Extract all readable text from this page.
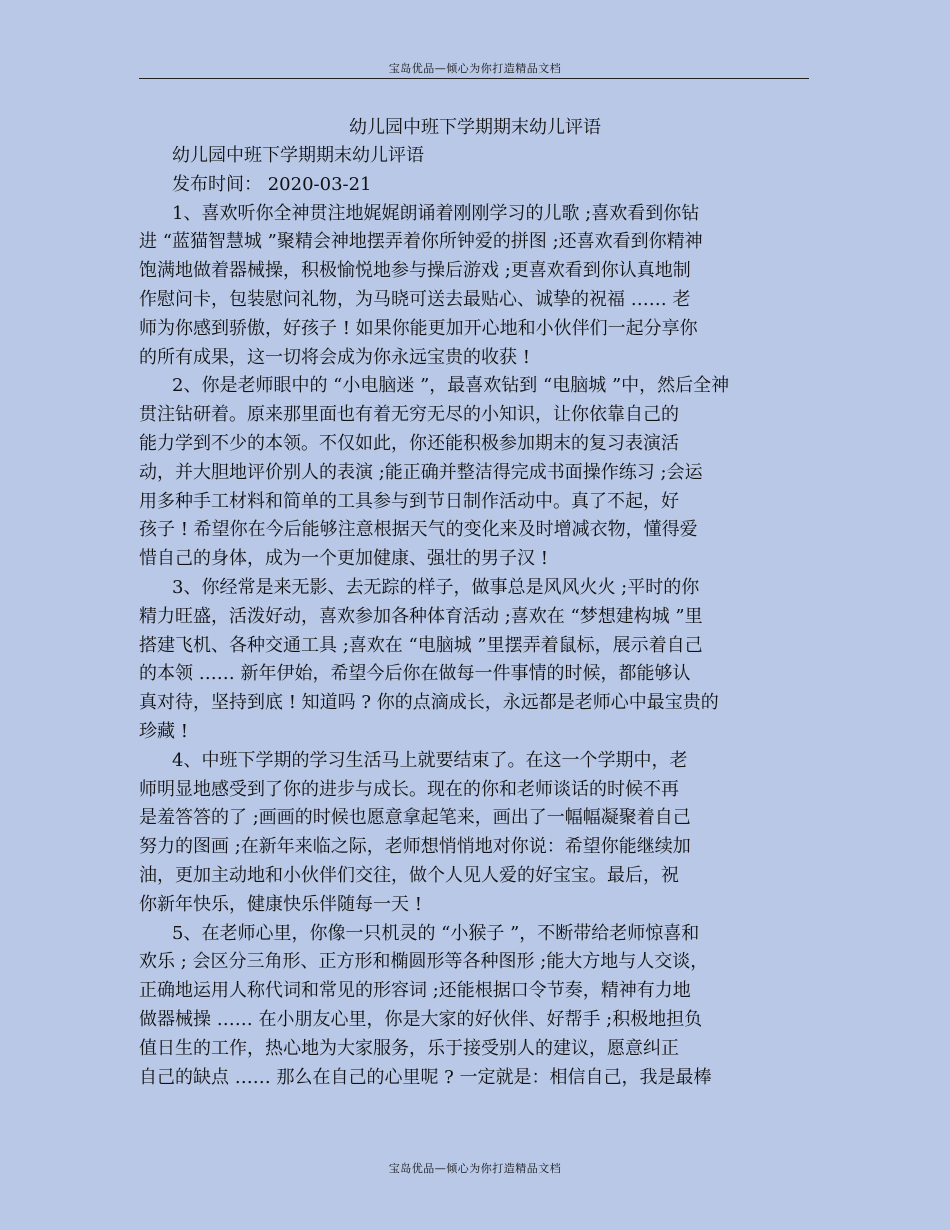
宝岛优品—倾心为你打造精品文档
幼儿园中班下学期期末幼儿评语

幼儿园中班下学期期末幼儿评语

发布时间： 2020-03-21

1、喜欢听你全神贯注地娓娓朗诵着刚刚学习的儿歌 ;喜欢看到你钻

进 “蓝猫智慧城 ”聚精会神地摆弄着你所钟爱的拼图 ;还喜欢看到你精神

饱满地做着器械操，积极愉悦地参与操后游戏 ;更喜欢看到你认真地制

作慰问卡，包装慰问礼物，为马晓可送去最贴心、诚挚的祝福 …… 老

师为你感到骄傲，好孩子 ! 如果你能更加开心地和小伙伴们一起分享你

的所有成果，这一切将会成为你永远宝贵的收获 !

2、你是老师眼中的 “小电脑迷 ”，最喜欢钻到 “电脑城 ”中，然后全神

贯注钻研着。原来那里面也有着无穷无尽的小知识，让你依靠自己的

能力学到不少的本领。不仅如此，你还能积极参加期末的复习表演活

动，并大胆地评价别人的表演 ;能正确并整洁得完成书面操作练习 ;会运

用多种手工材料和简单的工具参与到节日制作活动中。真了不起，好

孩子 ! 希望你在今后能够注意根据天气的变化来及时增减衣物，懂得爱

惜自己的身体，成为一个更加健康、强壮的男子汉 !

3、你经常是来无影、去无踪的样子，做事总是风风火火 ;平时的你

精力旺盛，活泼好动，喜欢参加各种体育活动 ;喜欢在 “梦想建构城 ”里

搭建飞机、各种交通工具 ;喜欢在 “电脑城 ”里摆弄着鼠标，展示着自己

的本领 …… 新年伊始，希望今后你在做每一件事情的时候，都能够认

真对待，坚持到底 ! 知道吗 ? 你的点滴成长，永远都是老师心中最宝贵的

珍藏 !

4、中班下学期的学习生活马上就要结束了。在这一个学期中，老

师明显地感受到了你的进步与成长。现在的你和老师谈话的时候不再

是羞答答的了 ;画画的时候也愿意拿起笔来，画出了一幅幅凝聚着自己

努力的图画 ;在新年来临之际，老师想悄悄地对你说：希望你能继续加

油，更加主动地和小伙伴们交往，做个人见人爱的好宝宝。最后，祝

你新年快乐，健康快乐伴随每一天 !

5、在老师心里，你像一只机灵的 “小猴子 ”，不断带给老师惊喜和

欢乐 ; 会区分三角形、正方形和椭圆形等各种图形 ;能大方地与人交谈，

正确地运用人称代词和常见的形容词 ;还能根据口令节奏，精神有力地

做器械操 …… 在小朋友心里，你是大家的好伙伴、好帮手 ;积极地担负

值日生的工作，热心地为大家服务，乐于接受别人的建议，愿意纠正

自己的缺点 …… 那么在自己的心里呢 ? 一定就是：相信自己，我是最棒

宝岛优品—倾心为你打造精品文档
